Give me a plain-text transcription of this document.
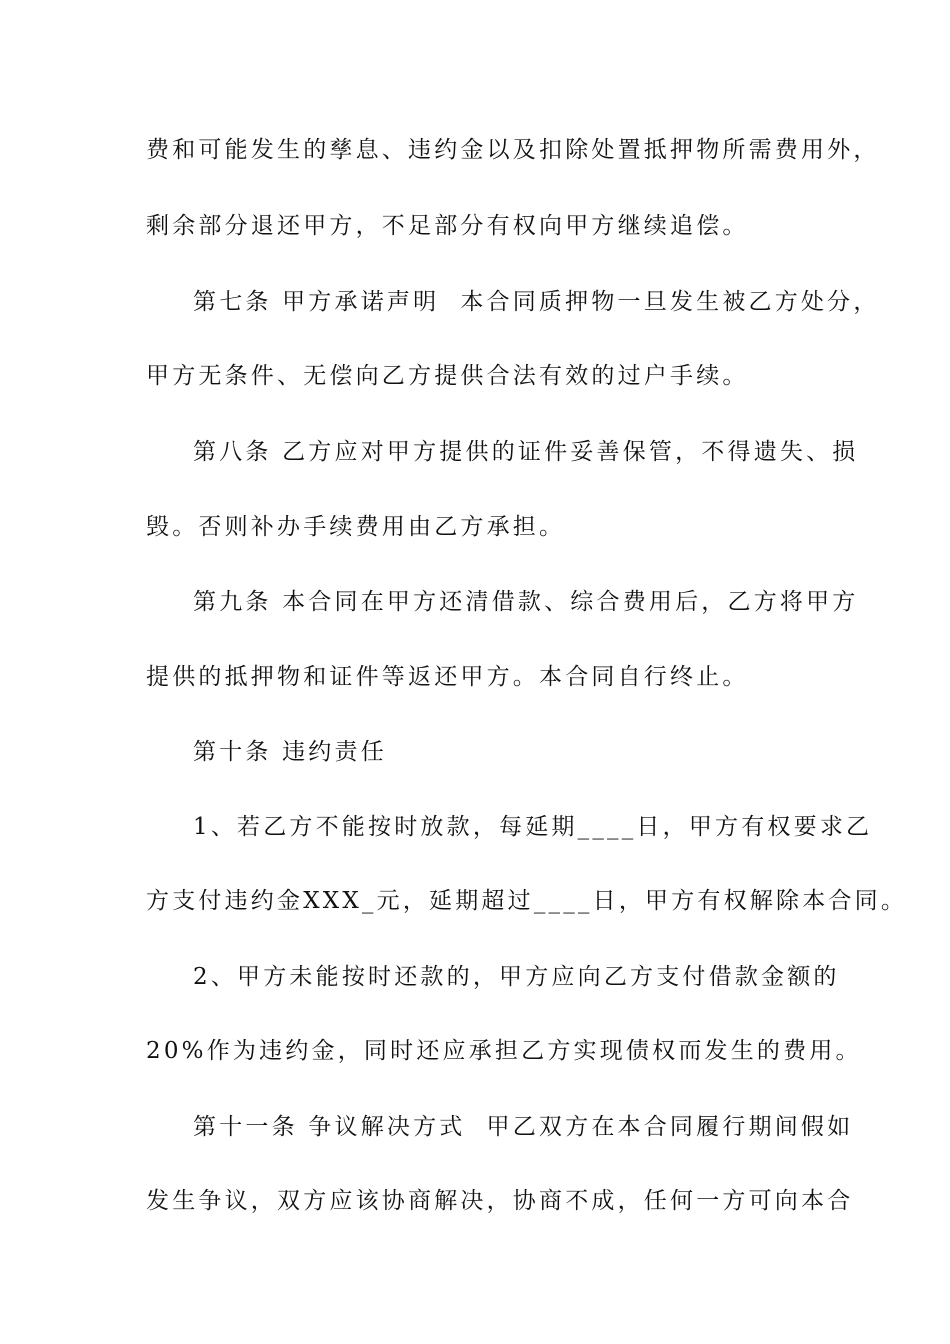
费和可能发生的孳息、违约金以及扣除处置抵押物所需费用外，
剩余部分退还甲方，不足部分有权向甲方继续追偿。
第七条 甲方承诺声明  本合同质押物一旦发生被乙方处分，
甲方无条件、无偿向乙方提供合法有效的过户手续。
第八条 乙方应对甲方提供的证件妥善保管，不得遗失、损
毁。否则补办手续费用由乙方承担。
第九条 本合同在甲方还清借款、综合费用后，乙方将甲方
提供的抵押物和证件等返还甲方。本合同自行终止。
第十条 违约责任
1、若乙方不能按时放款，每延期____日，甲方有权要求乙
方支付违约金XXX_元，延期超过____日，甲方有权解除本合同。
2、甲方未能按时还款的，甲方应向乙方支付借款金额的
20%作为违约金，同时还应承担乙方实现债权而发生的费用。
第十一条 争议解决方式  甲乙双方在本合同履行期间假如
发生争议，双方应该协商解决，协商不成，任何一方可向本合
